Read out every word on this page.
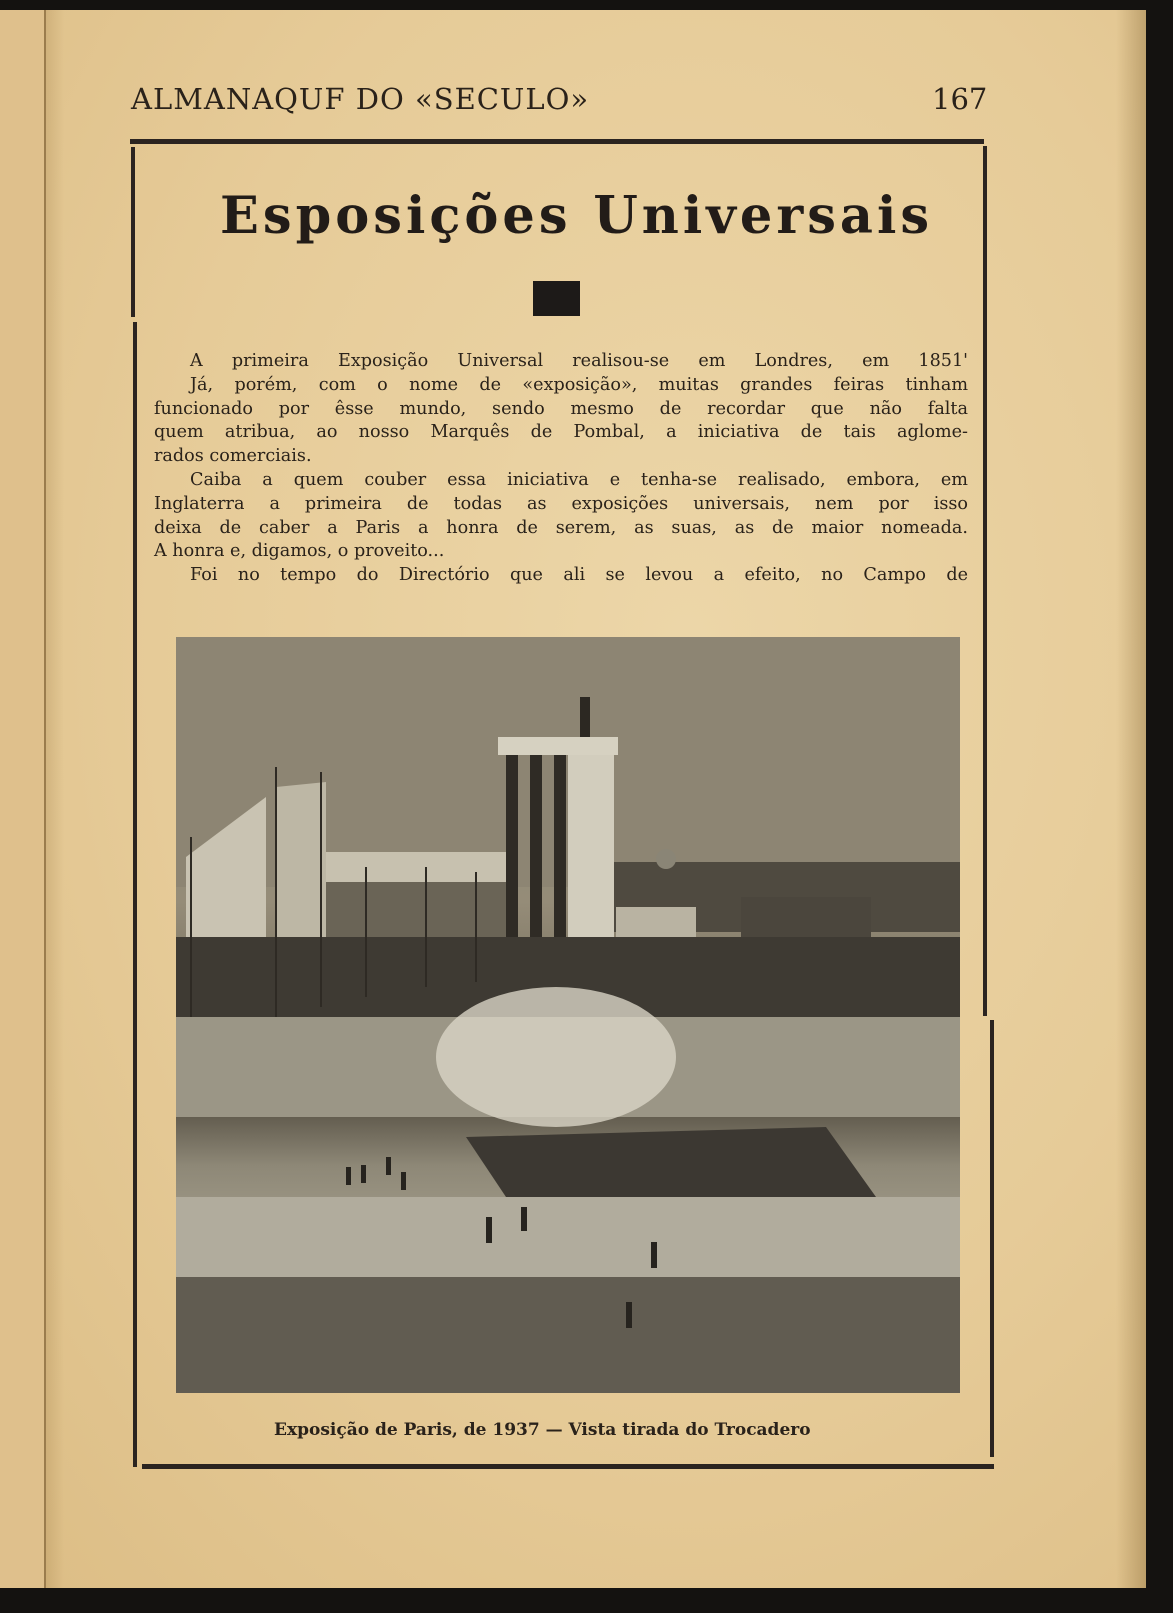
ALMANAQUF DO «SECULO»	167
Esposições Universais

A primeira Exposição Universal realisou-se em Londres, em 1851'

Já, porém, com o nome de «exposição», muitas grandes feiras tinham

funcionado por êsse mundo, sendo mesmo de recordar que não falta

quem atribua, ao nosso Marquês de Pombal, a iniciativa de tais aglome-

rados comerciais.

Caiba a quem couber essa iniciativa e tenha-se realisado, embora, em

Inglaterra a primeira de todas as exposições universais, nem por isso

deixa de caber a Paris a honra de serem, as suas, as de maior nomeada.

A honra e, digamos, o proveito...

Foi no tempo do Directório que ali se levou a efeito, no Campo de

Exposição de Paris, de 1937 — Vista tirada do Trocadero
